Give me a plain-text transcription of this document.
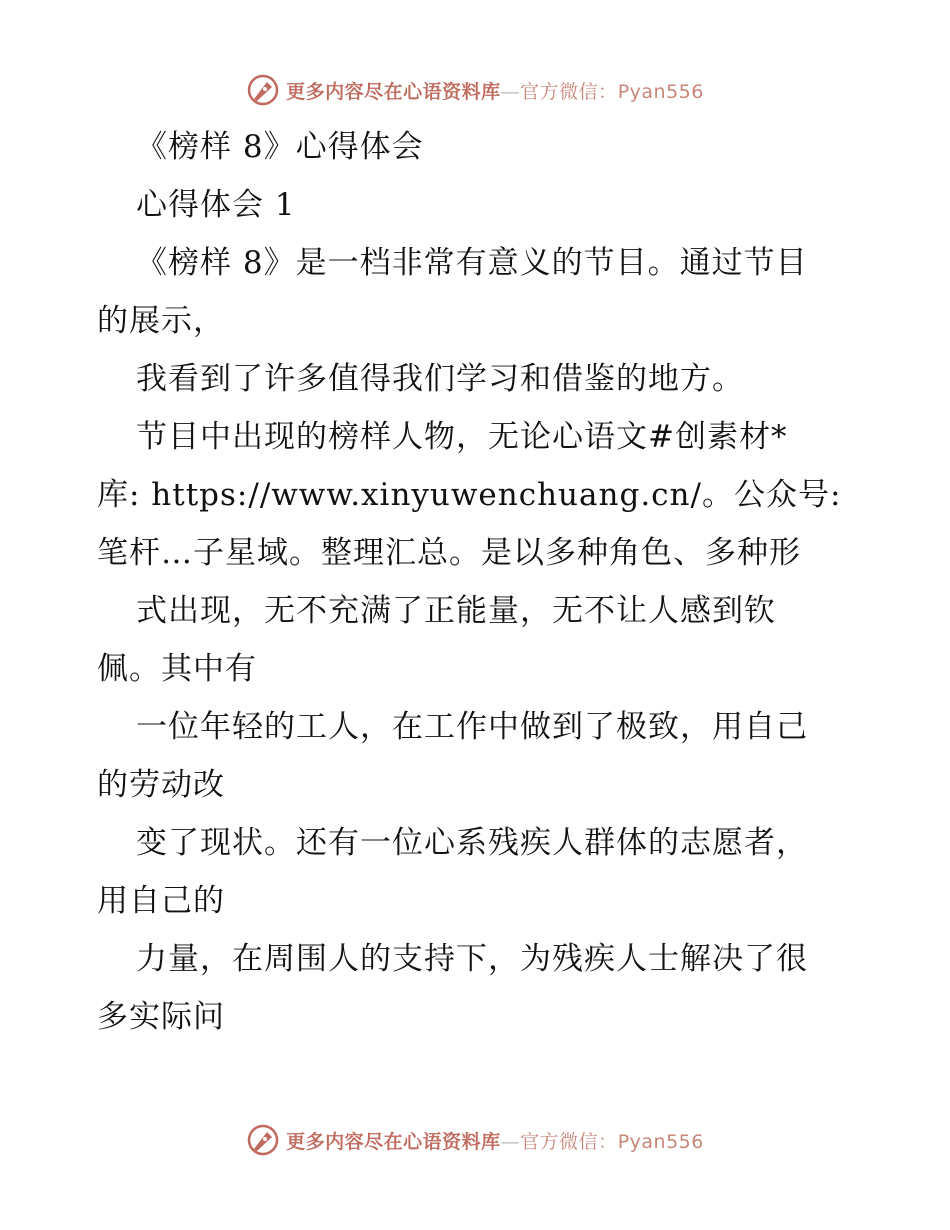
更多内容尽在心语资料库—官方微信：Pyan556
《榜样 8》心得体会
心得体会 1
《榜样 8》是一档非常有意义的节目。通过节目
的展示，
我看到了许多值得我们学习和借鉴的地方。
节目中出现的榜样人物，无论心语文#创素材*
库: https://www.xinyuwenchuang.cn/。公众号:
笔杆…子星域。整理汇总。是以多种角色、多种形
式出现，无不充满了正能量，无不让人感到钦
佩。其中有
一位年轻的工人，在工作中做到了极致，用自己
的劳动改
变了现状。还有一位心系残疾人群体的志愿者，
用自己的
力量，在周围人的支持下，为残疾人士解决了很
多实际问
更多内容尽在心语资料库—官方微信：Pyan556
